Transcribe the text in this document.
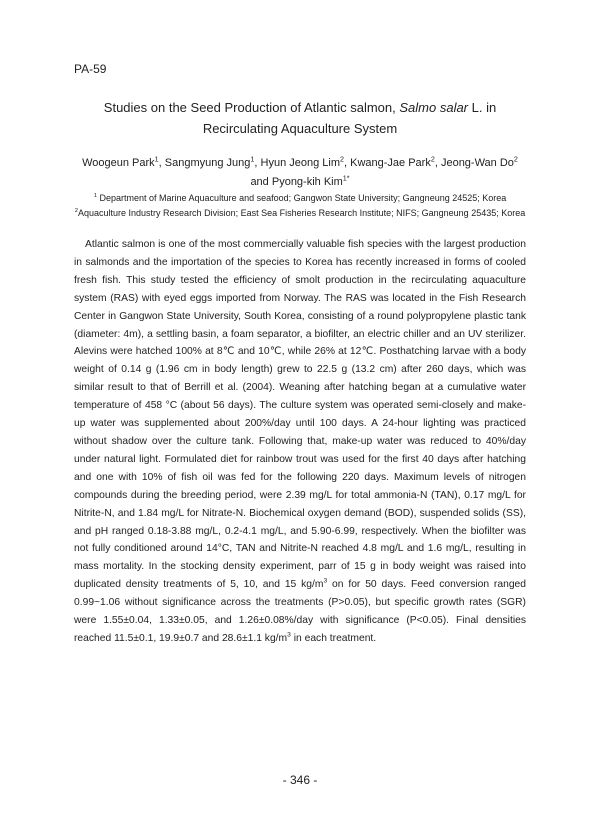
PA-59
Studies on the Seed Production of Atlantic salmon, Salmo salar L. in
Recirculating Aquaculture System
Woogeun Park$^1$, Sangmyung Jung$^1$, Hyun Jeong Lim$^2$, Kwang-Jae Park$^2$, Jeong-Wan Do$^2$
and Pyong-kih Kim$^{1*}$
$^1$ Department of Marine Aquaculture and seafood; Gangwon State University; Gangneung 24525; Korea
$^2$Aquaculture Industry Research Division; East Sea Fisheries Research Institute; NIFS; Gangneung 25435; Korea
Atlantic salmon is one of the most commercially valuable fish species with the largest production in salmonds and the importation of the species to Korea has recently increased in forms of cooled fresh fish. This study tested the efficiency of smolt production in the recirculating aquaculture system (RAS) with eyed eggs imported from Norway. The RAS was located in the Fish Research Center in Gangwon State University, South Korea, consisting of a round polypropylene plastic tank (diameter: 4m), a settling basin, a foam separator, a biofilter, an electric chiller and an UV sterilizer. Alevins were hatched 100% at 8℃ and 10℃, while 26% at 12℃. Posthatching larvae with a body weight of 0.14 g (1.96 cm in body length) grew to 22.5 g (13.2 cm) after 260 days, which was similar result to that of Berrill et al. (2004). Weaning after hatching began at a cumulative water temperature of 458 °C (about 56 days). The culture system was operated semi-closely and make-up water was supplemented about 200%/day until 100 days. A 24-hour lighting was practiced without shadow over the culture tank. Following that, make-up water was reduced to 40%/day under natural light. Formulated diet for rainbow trout was used for the first 40 days after hatching and one with 10% of fish oil was fed for the following 220 days. Maximum levels of nitrogen compounds during the breeding period, were 2.39 mg/L for total ammonia-N (TAN), 0.17 mg/L for Nitrite-N, and 1.84 mg/L for Nitrate-N. Biochemical oxygen demand (BOD), suspended solids (SS), and pH ranged 0.18-3.88 mg/L, 0.2-4.1 mg/L, and 5.90-6.99, respectively. When the biofilter was not fully conditioned around 14°C, TAN and Nitrite-N reached 4.8 mg/L and 1.6 mg/L, resulting in mass mortality. In the stocking density experiment, parr of 15 g in body weight was raised into duplicated density treatments of 5, 10, and 15 $kg/m^3$ on for 50 days. Feed conversion ranged 0.99~1.06 without significance across the treatments (P>0.05), but specific growth rates (SGR) were 1.55±0.04, 1.33±0.05, and 1.26±0.08%/day with significance (P<0.05). Final densities reached 11.5±0.1, 19.9±0.7 and 28.6±1.1 $kg/m^3$ in each treatment.
- 346 -
